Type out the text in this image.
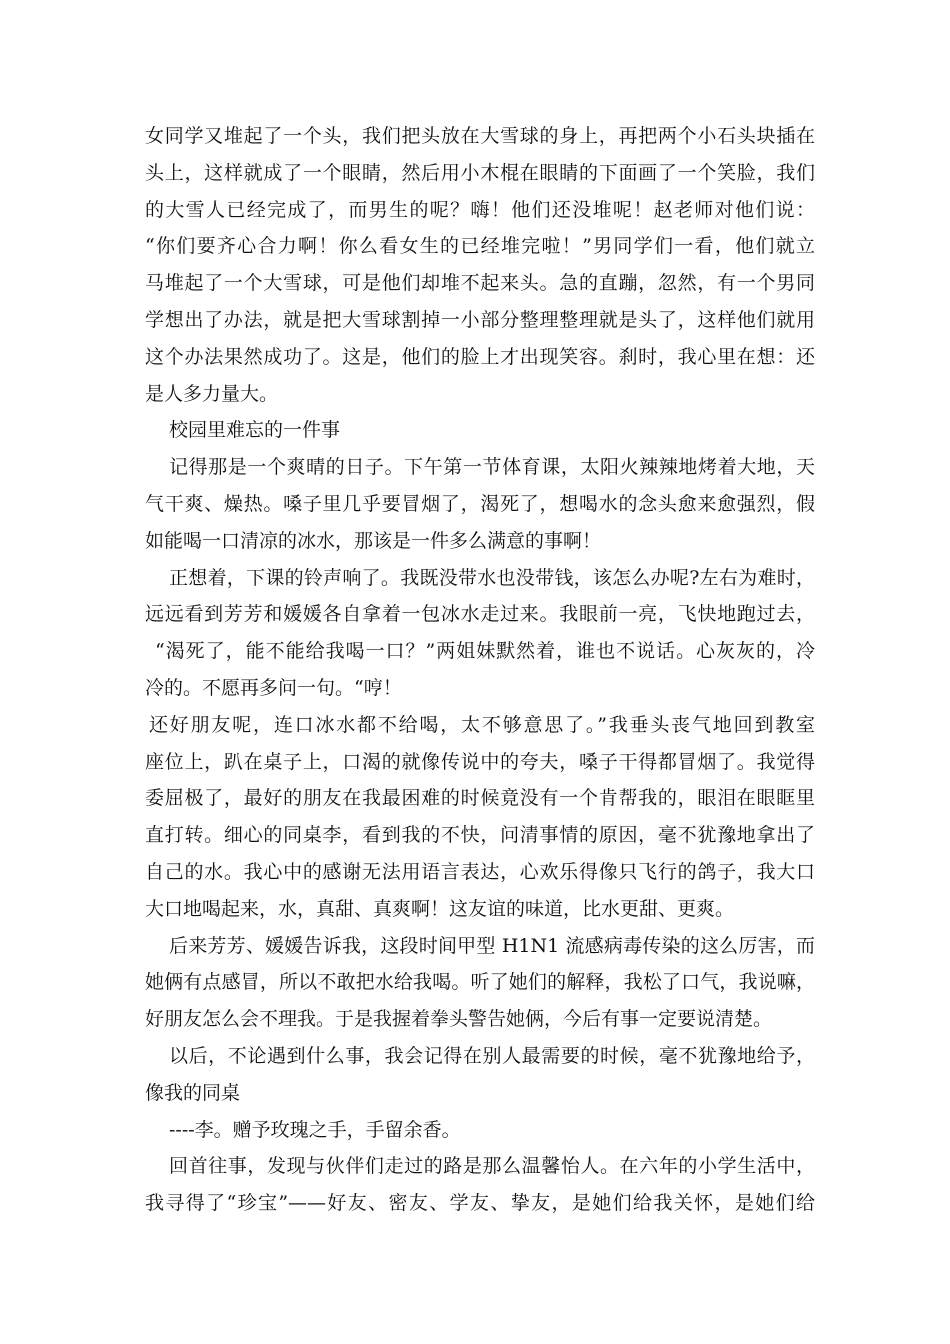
女同学又堆起了一个头，我们把头放在大雪球的身上，再把两个小石头块插在
头上，这样就成了一个眼睛，然后用小木棍在眼睛的下面画了一个笑脸，我们
的大雪人已经完成了，而男生的呢？嗨！他们还没堆呢！赵老师对他们说：
“你们要齐心合力啊！你么看女生的已经堆完啦！”男同学们一看，他们就立
马堆起了一个大雪球，可是他们却堆不起来头。急的直蹦，忽然，有一个男同
学想出了办法，就是把大雪球割掉一小部分整理整理就是头了，这样他们就用
这个办法果然成功了。这是，他们的脸上才出现笑容。刹时，我心里在想：还
是人多力量大。
校园里难忘的一件事
记得那是一个爽晴的日子。下午第一节体育课，太阳火辣辣地烤着大地，天
气干爽、燥热。嗓子里几乎要冒烟了，渴死了，想喝水的念头愈来愈强烈，假
如能喝一口清凉的冰水，那该是一件多么满意的事啊！
正想着，下课的铃声响了。我既没带水也没带钱，该怎么办呢?左右为难时，
远远看到芳芳和媛媛各自拿着一包冰水走过来。我眼前一亮，飞快地跑过去，
“渴死了，能不能给我喝一口？”两姐妹默然着，谁也不说话。心灰灰的，冷
冷的。不愿再多问一句。“哼！
还好朋友呢，连口冰水都不给喝，太不够意思了。”我垂头丧气地回到教室
座位上，趴在桌子上，口渴的就像传说中的夸夫，嗓子干得都冒烟了。我觉得
委屈极了，最好的朋友在我最困难的时候竟没有一个肯帮我的，眼泪在眼眶里
直打转。细心的同桌李，看到我的不快，问清事情的原因，毫不犹豫地拿出了
自己的水。我心中的感谢无法用语言表达，心欢乐得像只飞行的鸽子，我大口
大口地喝起来，水，真甜、真爽啊！这友谊的味道，比水更甜、更爽。
后来芳芳、媛媛告诉我，这段时间甲型 H1N1 流感病毒传染的这么厉害，而
她俩有点感冒，所以不敢把水给我喝。听了她们的解释，我松了口气，我说嘛，
好朋友怎么会不理我。于是我握着拳头警告她俩，今后有事一定要说清楚。
以后，不论遇到什么事，我会记得在别人最需要的时候，毫不犹豫地给予，
像我的同桌
----李。赠予玫瑰之手，手留余香。
回首往事，发现与伙伴们走过的路是那么温馨怡人。在六年的小学生活中，
我寻得了“珍宝”——好友、密友、学友、挚友，是她们给我关怀，是她们给
